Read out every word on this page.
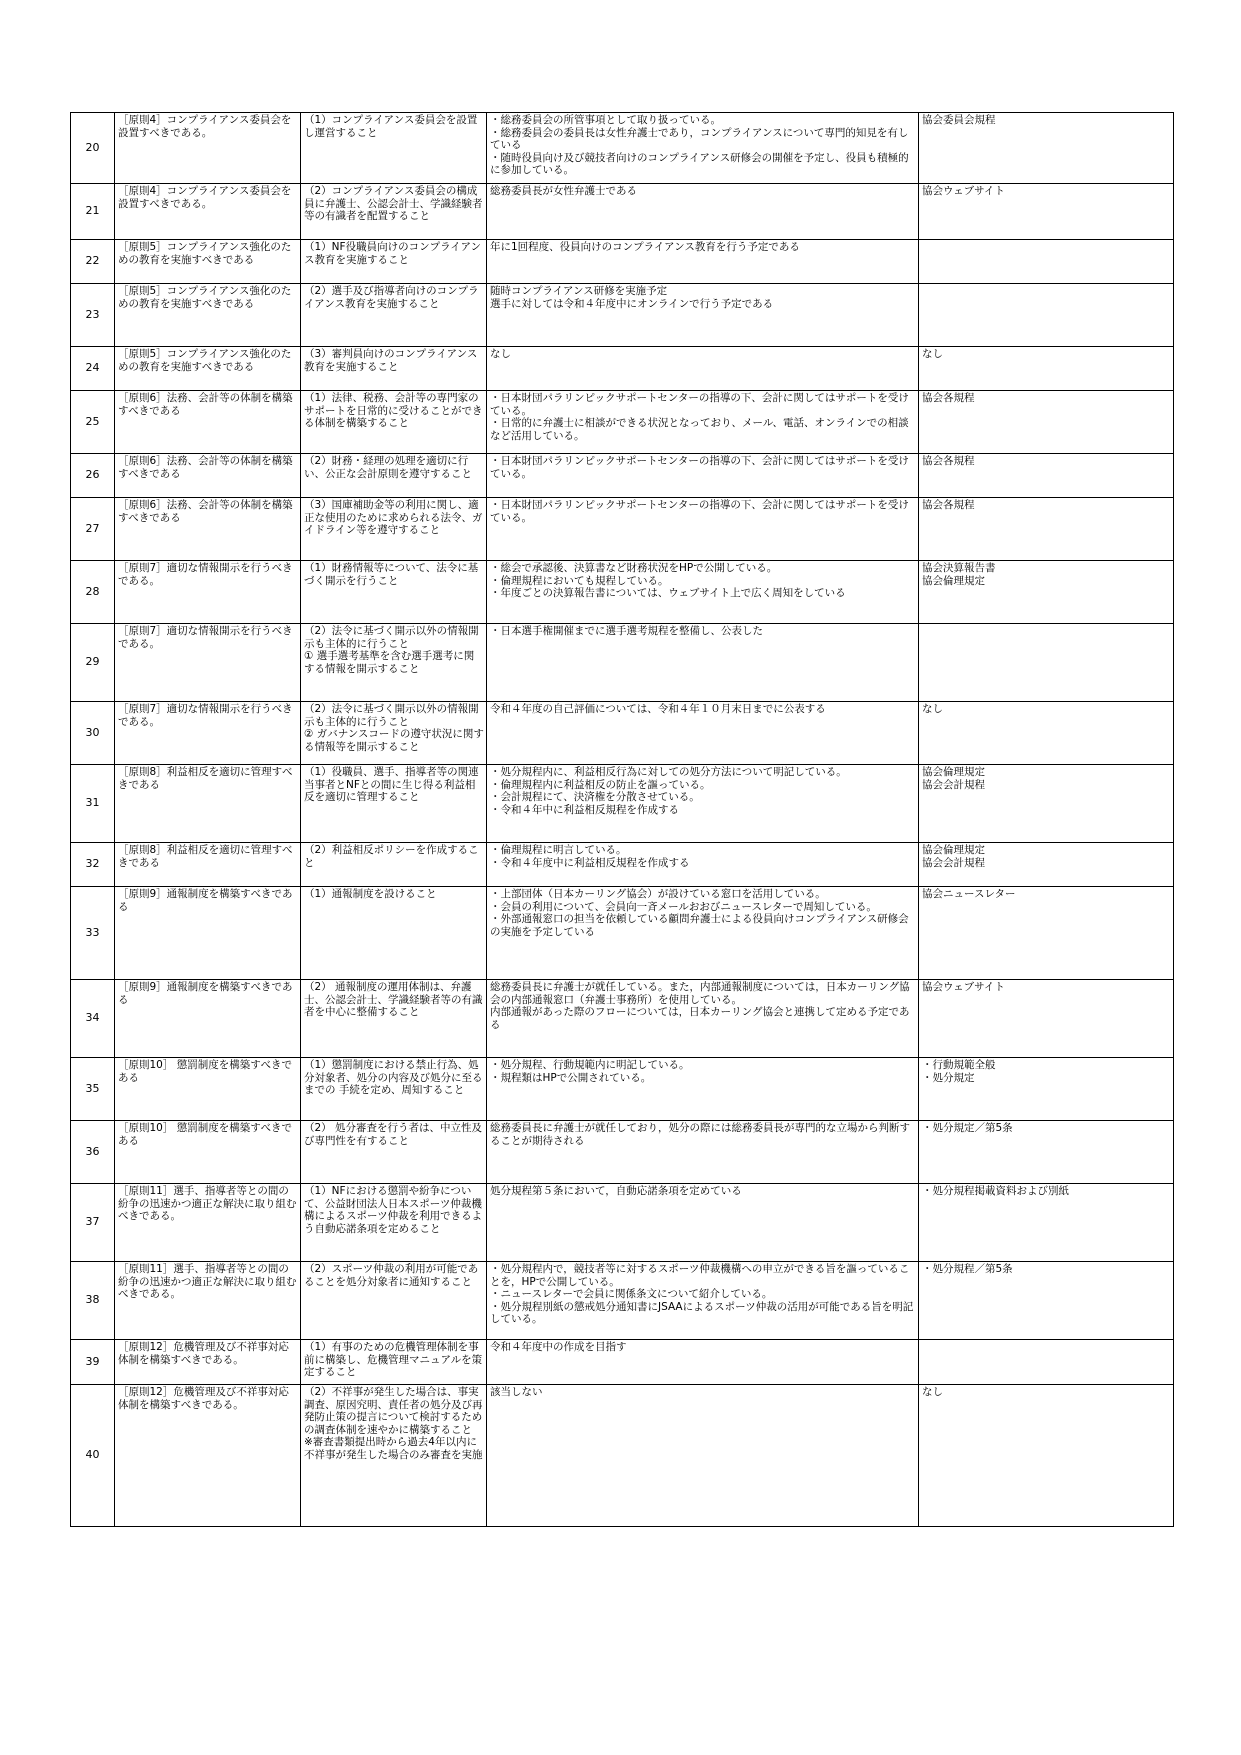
20	［原則4］コンプライアンス委員会を設置すべきである。	（1）コンプライアンス委員会を設置し運営すること	・総務委員会の所管事項として取り扱っている。
・総務委員会の委員長は女性弁護士であり，コンプライアンスについて専門的知見を有している
・随時役員向け及び競技者向けのコンプライアンス研修会の開催を予定し、役員も積極的に参加している。	協会委員会規程
21	［原則4］コンプライアンス委員会を設置すべきである。	（2）コンプライアンス委員会の構成員に弁護士、公認会計士、学識経験者等の有識者を配置すること	総務委員長が女性弁護士である	協会ウェブサイト
22	［原則5］コンプライアンス強化のための教育を実施すべきである	（1）NF役職員向けのコンプライアンス教育を実施すること	年に1回程度、役員向けのコンプライアンス教育を行う予定である	
23	［原則5］コンプライアンス強化のための教育を実施すべきである	（2）選手及び指導者向けのコンプライアンス教育を実施すること	随時コンプライアンス研修を実施予定
選手に対しては令和４年度中にオンラインで行う予定である	
24	［原則5］コンプライアンス強化のための教育を実施すべきである	（3）審判員向けのコンプライアンス教育を実施すること	なし	なし
25	［原則6］法務、会計等の体制を構築すべきである	（1）法律、税務、会計等の専門家のサポートを日常的に受けることができる体制を構築すること	・日本財団パラリンピックサポートセンターの指導の下、会計に関してはサポートを受けている。
・日常的に弁護士に相談ができる状況となっており、メール、電話、オンラインでの相談など活用している。	協会各規程
26	［原則6］法務、会計等の体制を構築すべきである	（2）財務・経理の処理を適切に行い、公正な会計原則を遵守すること	・日本財団パラリンピックサポートセンターの指導の下、会計に関してはサポートを受けている。	協会各規程
27	［原則6］法務、会計等の体制を構築すべきである	（3）国庫補助金等の利用に関し、適正な使用のために求められる法令、ガイドライン等を遵守すること	・日本財団パラリンピックサポートセンターの指導の下、会計に関してはサポートを受けている。	協会各規程
28	［原則7］適切な情報開示を行うべきである。	（1）財務情報等について、法令に基づく開示を行うこと	・総会で承認後、決算書など財務状況をHPで公開している。
・倫理規程においても規程している。
・年度ごとの決算報告書については、ウェブサイト上で広く周知をしている	協会決算報告書
協会倫理規定
29	［原則7］適切な情報開示を行うべきである。	（2）法令に基づく開示以外の情報開示も主体的に行うこと
① 選手選考基準を含む選手選考に関する情報を開示すること	・日本選手権開催までに選手選考規程を整備し、公表した	
30	［原則7］適切な情報開示を行うべきである。	（2）法令に基づく開示以外の情報開示も主体的に行うこと
② ガバナンスコードの遵守状況に関する情報等を開示すること	令和４年度の自己評価については、令和４年１０月末日までに公表する	なし
31	［原則8］利益相反を適切に管理すべきである	（1）役職員、選手、指導者等の関連当事者とNFとの間に生じ得る利益相反を適切に管理すること	・処分規程内に、利益相反行為に対しての処分方法について明記している。
・倫理規程内に利益相反の防止を謳っている。
・会計規程にて、決済権を分散させている。
・令和４年中に利益相反規程を作成する	協会倫理規定
協会会計規程
32	［原則8］利益相反を適切に管理すべきである	（2）利益相反ポリシーを作成すること	・倫理規程に明言している。
・令和４年度中に利益相反規程を作成する	協会倫理規定
協会会計規程
33	［原則9］通報制度を構築すべきである	（1）通報制度を設けること	・上部団体（日本カーリング協会）が設けている窓口を活用している。
・会員の利用について、会員向一斉メールおおびニュースレターで周知している。
・外部通報窓口の担当を依頼している顧問弁護士による役員向けコンプライアンス研修会の実施を予定している	協会ニュースレター
34	［原則9］通報制度を構築すべきである	（2） 通報制度の運用体制は、弁護士、公認会計士、学識経験者等の有識者を中心に整備すること	総務委員長に弁護士が就任している。また，内部通報制度については，日本カーリング協会の内部通報窓口（弁護士事務所）を使用している。
内部通報があった際のフローについては，日本カーリング協会と連携して定める予定である	協会ウェブサイト
35	［原則10］ 懲罰制度を構築すべきである	（1）懲罰制度における禁止行為、処分対象者、処分の内容及び処分に至るまでの 手続を定め、周知すること	・処分規程、行動規範内に明記している。
・規程類はHPで公開されている。	・行動規範全般
・処分規定
36	［原則10］ 懲罰制度を構築すべきである	（2） 処分審査を行う者は、中立性及び専門性を有すること	総務委員長に弁護士が就任しており，処分の際には総務委員長が専門的な立場から判断することが期待される	・処分規定／第5条
37	［原則11］選手、指導者等との間の紛争の迅速かつ適正な解決に取り組むべきである。	（1）NFにおける懲罰や紛争について、公益財団法人日本スポーツ仲裁機構によるスポーツ仲裁を利用できるよう自動応諾条項を定めること	処分規程第５条において，自動応諾条項を定めている	・処分規程掲載資料および別紙
38	［原則11］選手、指導者等との間の紛争の迅速かつ適正な解決に取り組むべきである。	（2）スポーツ仲裁の利用が可能であることを処分対象者に通知すること	・処分規程内で，競技者等に対するスポーツ仲裁機構への申立ができる旨を謳っていることを，HPで公開している。
・ニュースレターで会員に関係条文について紹介している。
・処分規程別紙の懲戒処分通知書にJSAAによるスポーツ仲裁の活用が可能である旨を明記している。	・処分規程／第5条
39	［原則12］危機管理及び不祥事対応体制を構築すべきである。	（1）有事のための危機管理体制を事前に構築し、危機管理マニュアルを策定すること	令和４年度中の作成を目指す	
40	［原則12］危機管理及び不祥事対応体制を構築すべきである。	（2）不祥事が発生した場合は、事実調査、原因究明、責任者の処分及び再発防止策の提言について検討するための調査体制を速やかに構築すること
※審査書類提出時から過去4年以内に不祥事が発生した場合のみ審査を実施	該当しない	なし
